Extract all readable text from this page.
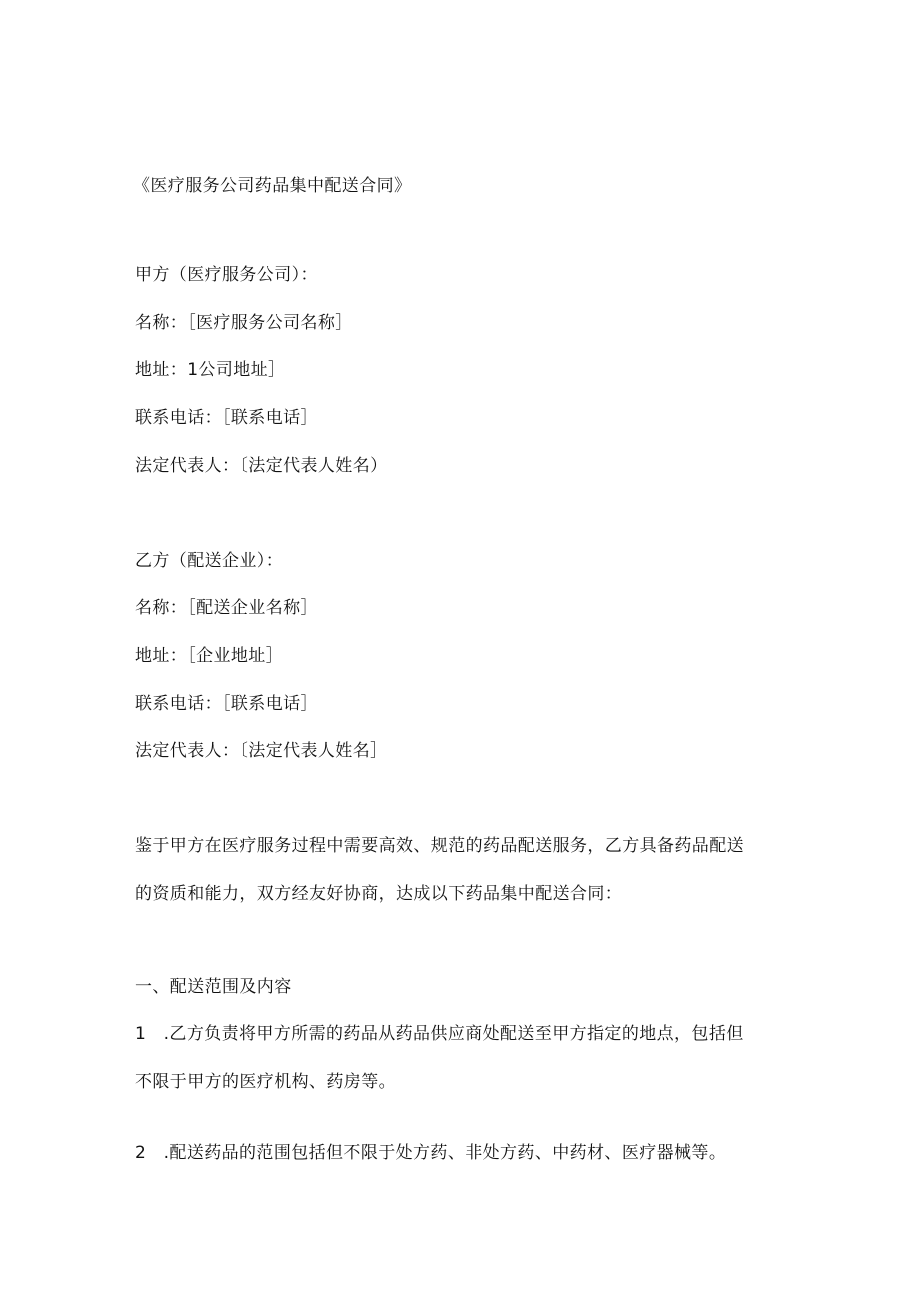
《医疗服务公司药品集中配送合同》
甲方（医疗服务公司）：
名称：［医疗服务公司名称］
地址：1公司地址］
联系电话：［联系电话］
法定代表人：〔法定代表人姓名）
乙方（配送企业）：
名称：［配送企业名称］
地址：［企业地址］
联系电话：［联系电话］
法定代表人：〔法定代表人姓名］
鉴于甲方在医疗服务过程中需要高效、规范的药品配送服务，乙方具备药品配送
的资质和能力，双方经友好协商，达成以下药品集中配送合同：
一、配送范围及内容
1　.乙方负责将甲方所需的药品从药品供应商处配送至甲方指定的地点，包括但
不限于甲方的医疗机构、药房等。
2　.配送药品的范围包括但不限于处方药、非处方药、中药材、医疗器械等。
